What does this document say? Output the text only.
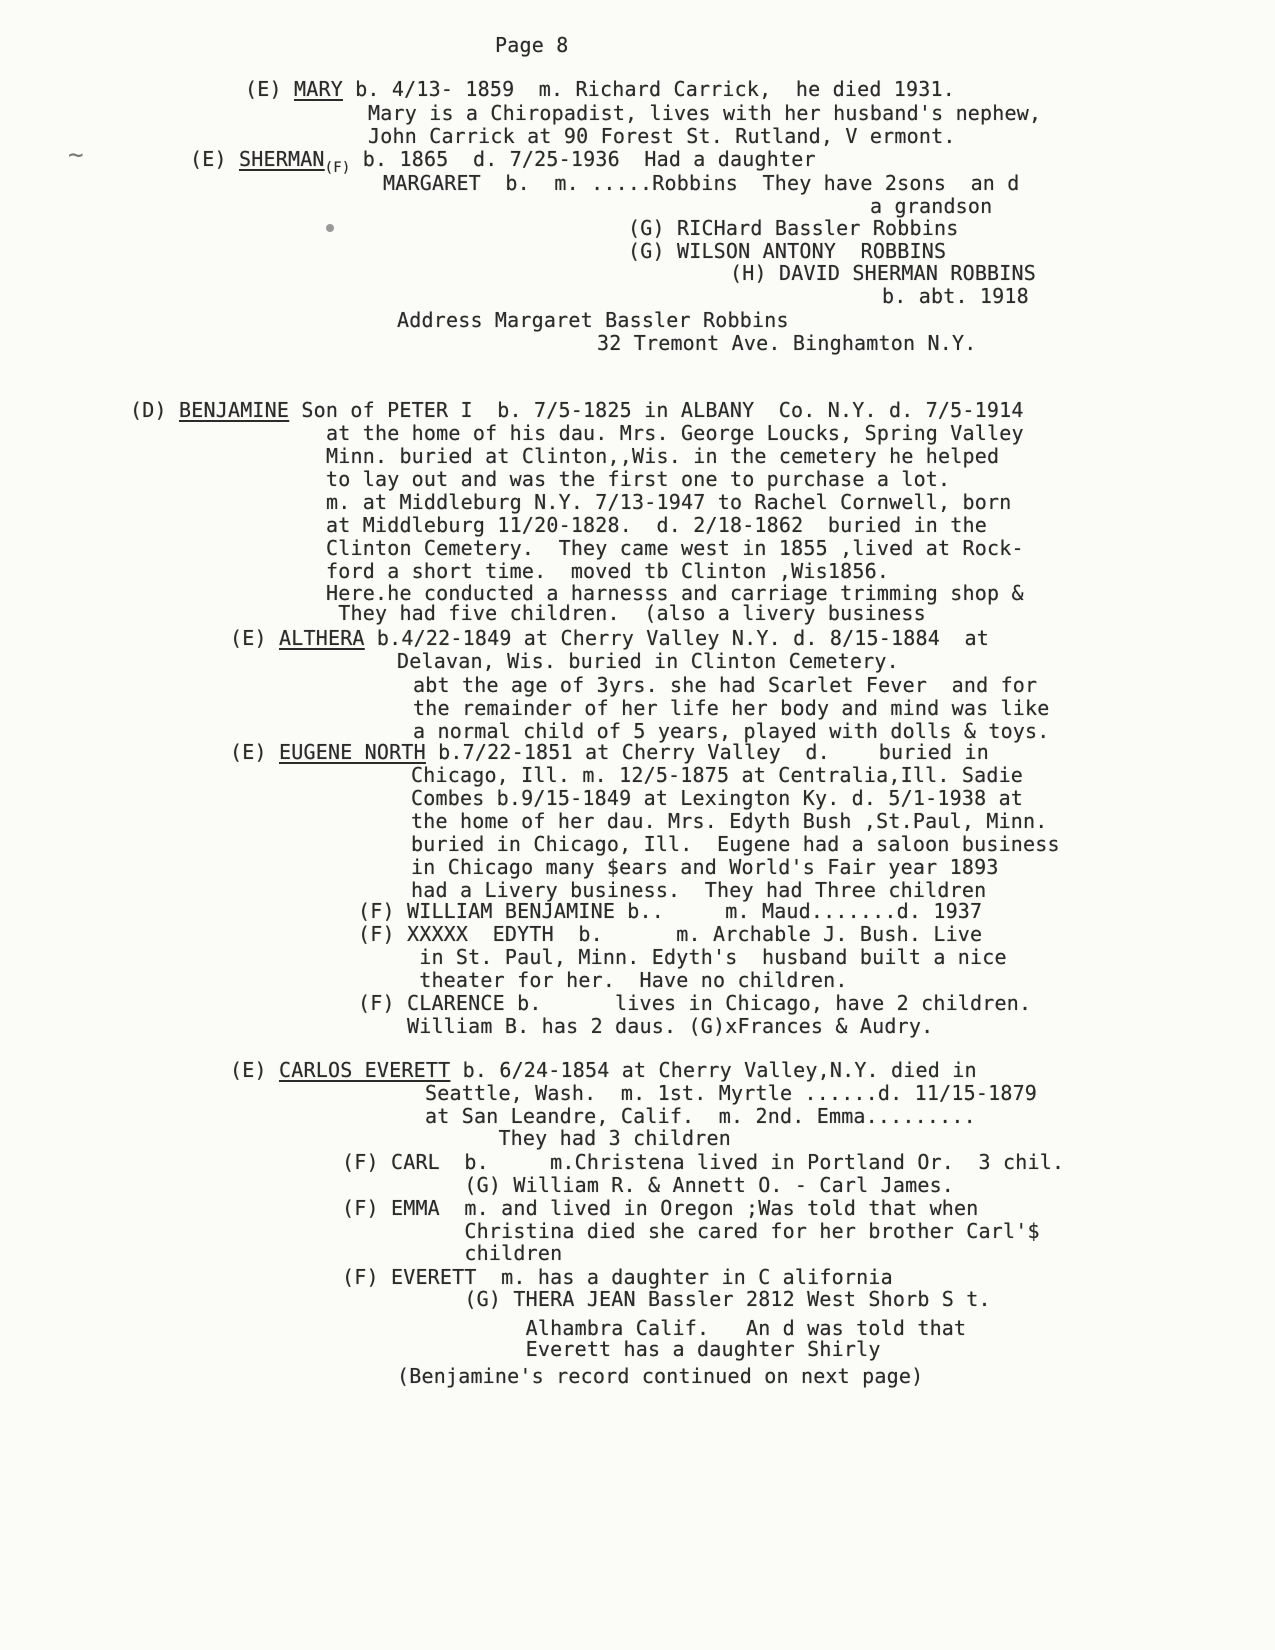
~
Page 8
(E) MARY b. 4/13- 1859  m. Richard Carrick,  he died 1931.
Mary is a Chiropadist, lives with her husband's nephew,
John Carrick at 90 Forest St. Rutland, V ermont.
(E) $SHERMAN_{(F)}$ b. 1865  d. 7/25-1936  Had a daughter
MARGARET  b.  m. .....Robbins  They have 2sons  an d
a grandson
(G) RICHard Bassler Robbins
(G) WILSON ANTONY  ROBBINS
(H) DAVID SHERMAN ROBBINS
b. abt. 1918
Address Margaret Bassler Robbins
32 Tremont Ave. Binghamton N.Y.
(D) BENJAMINE Son of PETER I  b. 7/5-1825 in ALBANY  Co. N.Y. d. 7/5-1914
at the home of his dau. Mrs. George Loucks, Spring Valley
Minn. buried at Clinton,,Wis. in the cemetery he helped
to lay out and was the first one to purchase a lot.
m. at Middleburg N.Y. 7/13-1947 to Rachel Cornwell, born
at Middleburg 11/20-1828.  d. 2/18-1862  buried in the
Clinton Cemetery.  They came west in 1855 ,lived at Rock-
ford a short time.  moved tb Clinton ,Wis1856.
Here.he conducted a harnesss and carriage trimming shop &
They had five children.  (also a livery business
(E) ALTHERA b.4/22-1849 at Cherry Valley N.Y. d. 8/15-1884  at
Delavan, Wis. buried in Clinton Cemetery.
abt the age of 3yrs. she had Scarlet Fever  and for
the remainder of her life her body and mind was like
a normal child of 5 years, played with dolls & toys.
(E) EUGENE NORTH b.7/22-1851 at Cherry Valley  d.    buried in
Chicago, Ill. m. 12/5-1875 at Centralia,Ill. Sadie
Combes b.9/15-1849 at Lexington Ky. d. 5/1-1938 at
the home of her dau. Mrs. Edyth Bush ,St.Paul, Minn.
buried in Chicago, Ill.  Eugene had a saloon business
in Chicago many $ears and World's Fair year 1893
had a Livery business.  They had Three children
(F) WILLIAM BENJAMINE b..     m. Maud.......d. 1937
(F) XXXXX  EDYTH  b.      m. Archable J. Bush. Live
in St. Paul, Minn. Edyth's  husband built a nice
theater for her.  Have no children.
(F) CLARENCE b.      lives in Chicago, have 2 children.
William B. has 2 daus. (G)xFrances & Audry.
(E) CARLOS EVERETT b. 6/24-1854 at Cherry Valley,N.Y. died in
Seattle, Wash.  m. 1st. Myrtle ......d. 11/15-1879
at San Leandre, Calif.  m. 2nd. Emma.........
They had 3 children
(F) CARL  b.     m.Christena lived in Portland Or.  3 chil.
(G) William R. & Annett O. - Carl James.
(F) EMMA  m. and lived in Oregon ;Was told that when
Christina died she cared for her brother Carl'$
children
(F) EVERETT  m. has a daughter in C alifornia
(G) THERA JEAN Bassler 2812 West Shorb S t.
Alhambra Calif.   An d was told that
Everett has a daughter Shirly
(Benjamine's record continued on next page)
